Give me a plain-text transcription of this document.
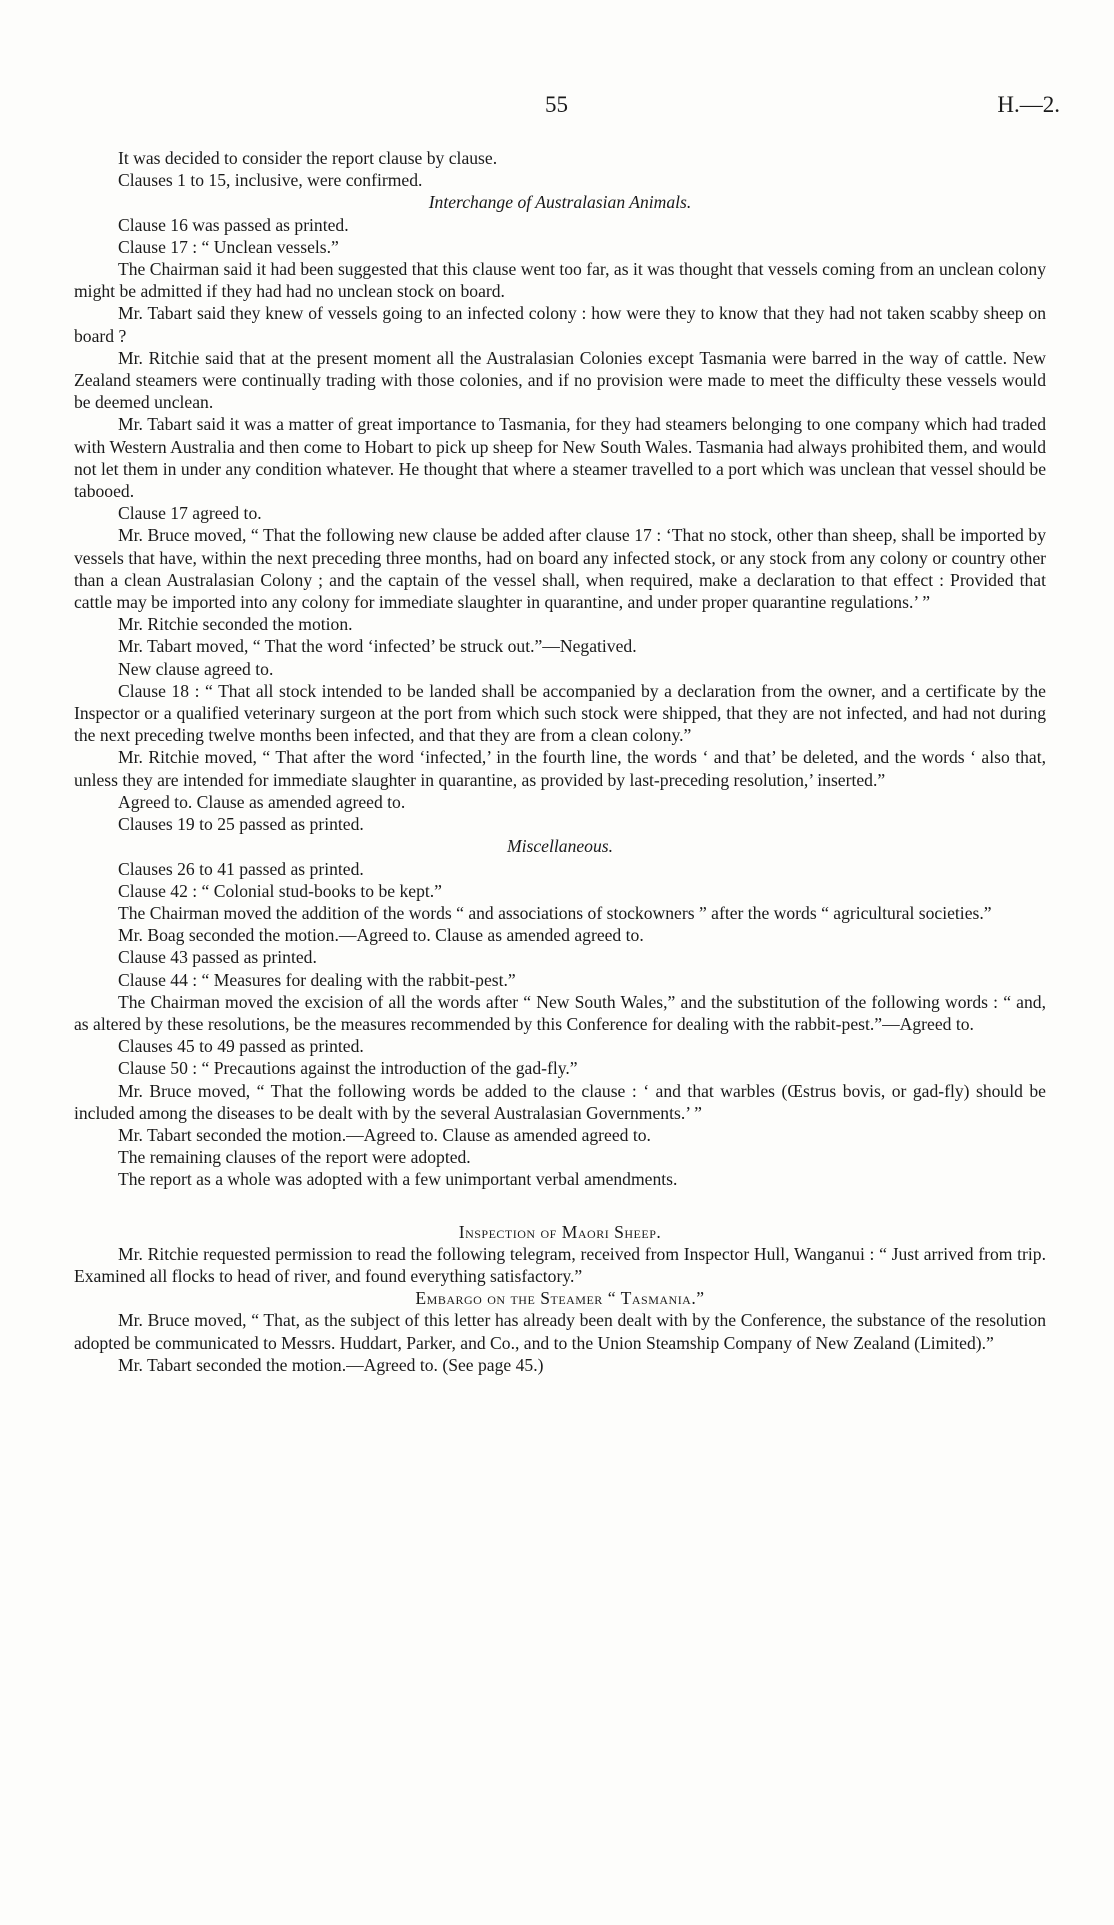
55	H.—2.

It was decided to consider the report clause by clause.

Clauses 1 to 15, inclusive, were confirmed.

Interchange of Australasian Animals.

Clause 16 was passed as printed.

Clause 17 : “ Unclean vessels.”

The Chairman said it had been suggested that this clause went too far, as it was thought that vessels coming from an unclean colony might be admitted if they had had no unclean stock on board.

Mr. Tabart said they knew of vessels going to an infected colony : how were they to know that they had not taken scabby sheep on board ?

Mr. Ritchie said that at the present moment all the Australasian Colonies except Tasmania were barred in the way of cattle. New Zealand steamers were continually trading with those colonies, and if no provision were made to meet the difficulty these vessels would be deemed unclean.

Mr. Tabart said it was a matter of great importance to Tasmania, for they had steamers belonging to one company which had traded with Western Australia and then come to Hobart to pick up sheep for New South Wales. Tasmania had always prohibited them, and would not let them in under any condition whatever. He thought that where a steamer travelled to a port which was unclean that vessel should be tabooed.

Clause 17 agreed to.

Mr. Bruce moved, “ That the following new clause be added after clause 17 : ‘That no stock, other than sheep, shall be imported by vessels that have, within the next preceding three months, had on board any infected stock, or any stock from any colony or country other than a clean Australasian Colony ; and the captain of the vessel shall, when required, make a declaration to that effect : Provided that cattle may be imported into any colony for immediate slaughter in quarantine, and under proper quarantine regulations.’ ”

Mr. Ritchie seconded the motion.

Mr. Tabart moved, “ That the word ‘infected’ be struck out.”—Negatived.

New clause agreed to.

Clause 18 : “ That all stock intended to be landed shall be accompanied by a declaration from the owner, and a certificate by the Inspector or a qualified veterinary surgeon at the port from which such stock were shipped, that they are not infected, and had not during the next preceding twelve months been infected, and that they are from a clean colony.”

Mr. Ritchie moved, “ That after the word ‘infected,’ in the fourth line, the words ‘ and that’ be deleted, and the words ‘ also that, unless they are intended for immediate slaughter in quarantine, as provided by last-preceding resolution,’ inserted.”

Agreed to. Clause as amended agreed to.

Clauses 19 to 25 passed as printed.

Miscellaneous.

Clauses 26 to 41 passed as printed.

Clause 42 : “ Colonial stud-books to be kept.”

The Chairman moved the addition of the words “ and associations of stockowners ” after the words “ agricultural societies.”

Mr. Boag seconded the motion.—Agreed to. Clause as amended agreed to.

Clause 43 passed as printed.

Clause 44 : “ Measures for dealing with the rabbit-pest.”

The Chairman moved the excision of all the words after “ New South Wales,” and the substitution of the following words : “ and, as altered by these resolutions, be the measures recommended by this Conference for dealing with the rabbit-pest.”—Agreed to.

Clauses 45 to 49 passed as printed.

Clause 50 : “ Precautions against the introduction of the gad-fly.”

Mr. Bruce moved, “ That the following words be added to the clause : ‘ and that warbles (Œstrus bovis, or gad-fly) should be included among the diseases to be dealt with by the several Australasian Governments.’ ”

Mr. Tabart seconded the motion.—Agreed to. Clause as amended agreed to.

The remaining clauses of the report were adopted.

The report as a whole was adopted with a few unimportant verbal amendments.

Inspection of Maori Sheep.

Mr. Ritchie requested permission to read the following telegram, received from Inspector Hull, Wanganui : “ Just arrived from trip. Examined all flocks to head of river, and found everything satisfactory.”

Embargo on the Steamer “ Tasmania.”

Mr. Bruce moved, “ That, as the subject of this letter has already been dealt with by the Conference, the substance of the resolution adopted be communicated to Messrs. Huddart, Parker, and Co., and to the Union Steamship Company of New Zealand (Limited).”

Mr. Tabart seconded the motion.—Agreed to. (See page 45.)
